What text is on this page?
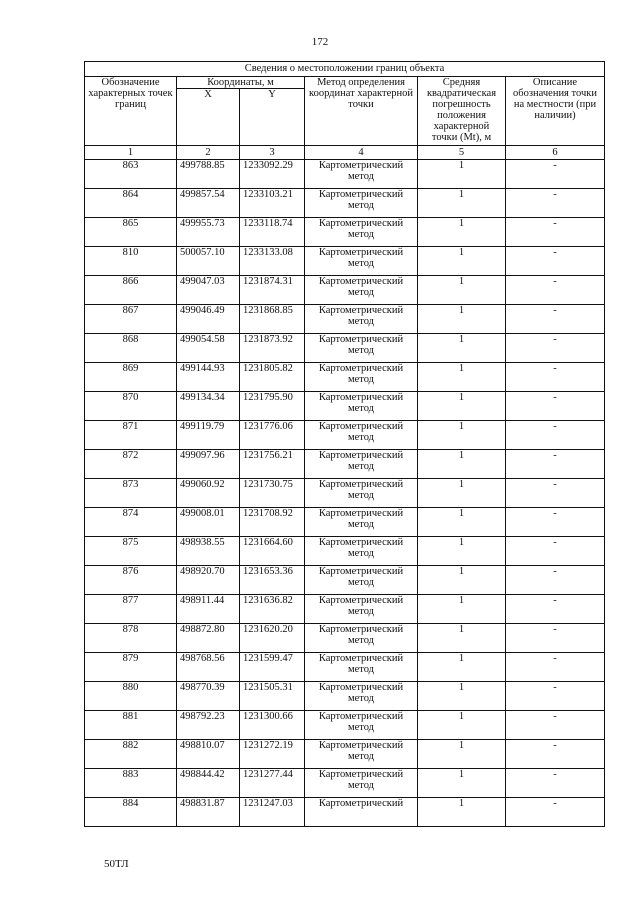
172
Сведения о местоположении границ объекта					
Обозначение характерных точек границ	Координаты, м		Метод определения координат характерной точки	Средняя квадратическая погрешность положения характерной точки (Mt), м	Описание обозначения точки на местности (при наличии)
	X	Y			
1	2	3	4	5	6
863	499788.85	1233092.29	Картометрический метод	1	-
864	499857.54	1233103.21	Картометрический метод	1	-
865	499955.73	1233118.74	Картометрический метод	1	-
810	500057.10	1233133.08	Картометрический метод	1	-
866	499047.03	1231874.31	Картометрический метод	1	-
867	499046.49	1231868.85	Картометрический метод	1	-
868	499054.58	1231873.92	Картометрический метод	1	-
869	499144.93	1231805.82	Картометрический метод	1	-
870	499134.34	1231795.90	Картометрический метод	1	-
871	499119.79	1231776.06	Картометрический метод	1	-
872	499097.96	1231756.21	Картометрический метод	1	-
873	499060.92	1231730.75	Картометрический метод	1	-
874	499008.01	1231708.92	Картометрический метод	1	-
875	498938.55	1231664.60	Картометрический метод	1	-
876	498920.70	1231653.36	Картометрический метод	1	-
877	498911.44	1231636.82	Картометрический метод	1	-
878	498872.80	1231620.20	Картометрический метод	1	-
879	498768.56	1231599.47	Картометрический метод	1	-
880	498770.39	1231505.31	Картометрический метод	1	-
881	498792.23	1231300.66	Картометрический метод	1	-
882	498810.07	1231272.19	Картометрический метод	1	-
883	498844.42	1231277.44	Картометрический метод	1	-
884	498831.87	1231247.03	Картометрический	1	-
50ТЛ
